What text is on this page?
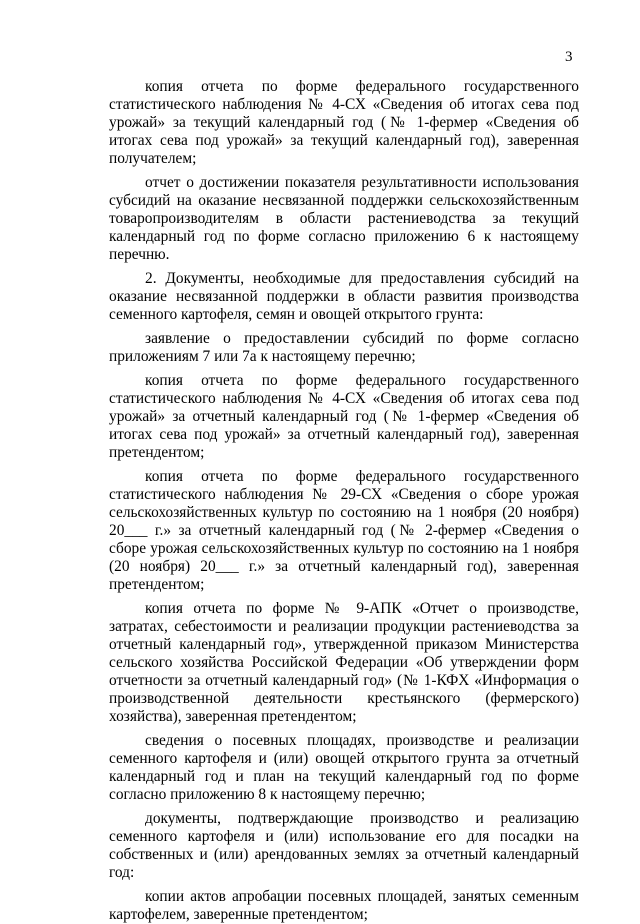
3

копия отчета по форме федерального государственного статистического наблюдения № 4-СХ «Сведения об итогах сева под урожай» за текущий календарный год (№ 1-фермер «Сведения об итогах сева под урожай» за текущий календарный год), заверенная получателем;

отчет о достижении показателя результативности использования субсидий на оказание несвязанной поддержки сельскохозяйственным товаропроизводителям в области растениеводства за текущий календарный год по форме согласно приложению 6 к настоящему перечню.

2. Документы, необходимые для предоставления субсидий на оказание несвязанной поддержки в области развития производства семенного картофеля, семян и овощей открытого грунта:

заявление о предоставлении субсидий по форме согласно приложениям 7 или 7а к настоящему перечню;

копия отчета по форме федерального государственного статистического наблюдения № 4-СХ «Сведения об итогах сева под урожай» за отчетный календарный год (№ 1-фермер «Сведения об итогах сева под урожай» за отчетный календарный год), заверенная претендентом;

копия отчета по форме федерального государственного статистического наблюдения № 29-СХ «Сведения о сборе урожая сельскохозяйственных культур по состоянию на 1 ноября (20 ноября) 20___ г.» за отчетный календарный год (№ 2-фермер «Сведения о сборе урожая сельскохозяйственных культур по состоянию на 1 ноября (20 ноября) 20___ г.» за отчетный календарный год), заверенная претендентом;

копия отчета по форме № 9-АПК «Отчет о производстве, затратах, себестоимости и реализации продукции растениеводства за отчетный календарный год», утвержденной приказом Министерства сельского хозяйства Российской Федерации «Об утверждении форм отчетности за отчетный календарный год» (№ 1-КФХ «Информация о производственной деятельности крестьянского (фермерского) хозяйства), заверенная претендентом;

сведения о посевных площадях, производстве и реализации семенного картофеля и (или) овощей открытого грунта за отчетный календарный год и план на текущий календарный год по форме согласно приложению 8 к настоящему перечню;

документы, подтверждающие производство и реализацию семенного картофеля и (или) использование его для посадки на собственных и (или) арендованных землях за отчетный календарный год:

копии актов апробации посевных площадей, занятых семенным картофелем, заверенные претендентом;
